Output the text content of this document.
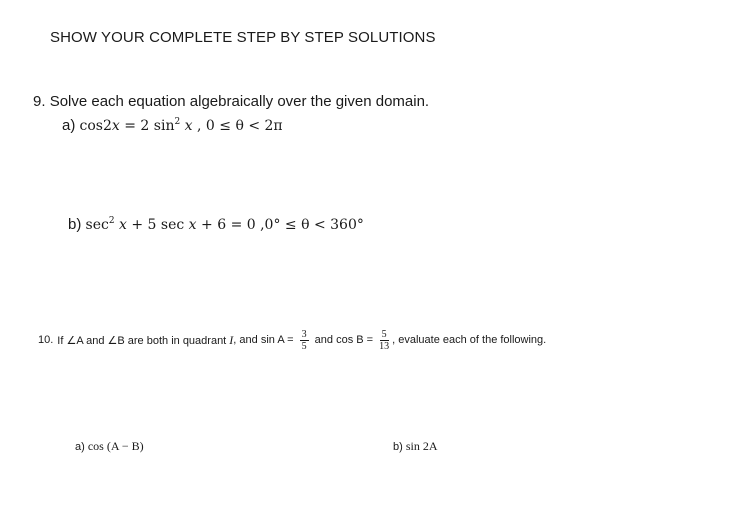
SHOW YOUR COMPLETE STEP BY STEP SOLUTIONS
9. Solve each equation algebraically over the given domain.
a) cos2x = 2 $\sin^2 x$ , 0 ≤ θ < 2π
b) $\sec^2 x + 5$ sec x + 6 = 0 ,0° ≤ θ < 360°
10. If ∠A and ∠B are both in quadrant I , and $\sin A = \frac{3}{5}$ and $\cos B = \frac{5}{13}$ , evaluate each of the following.
a) cos (A − B)	b) sin 2A
